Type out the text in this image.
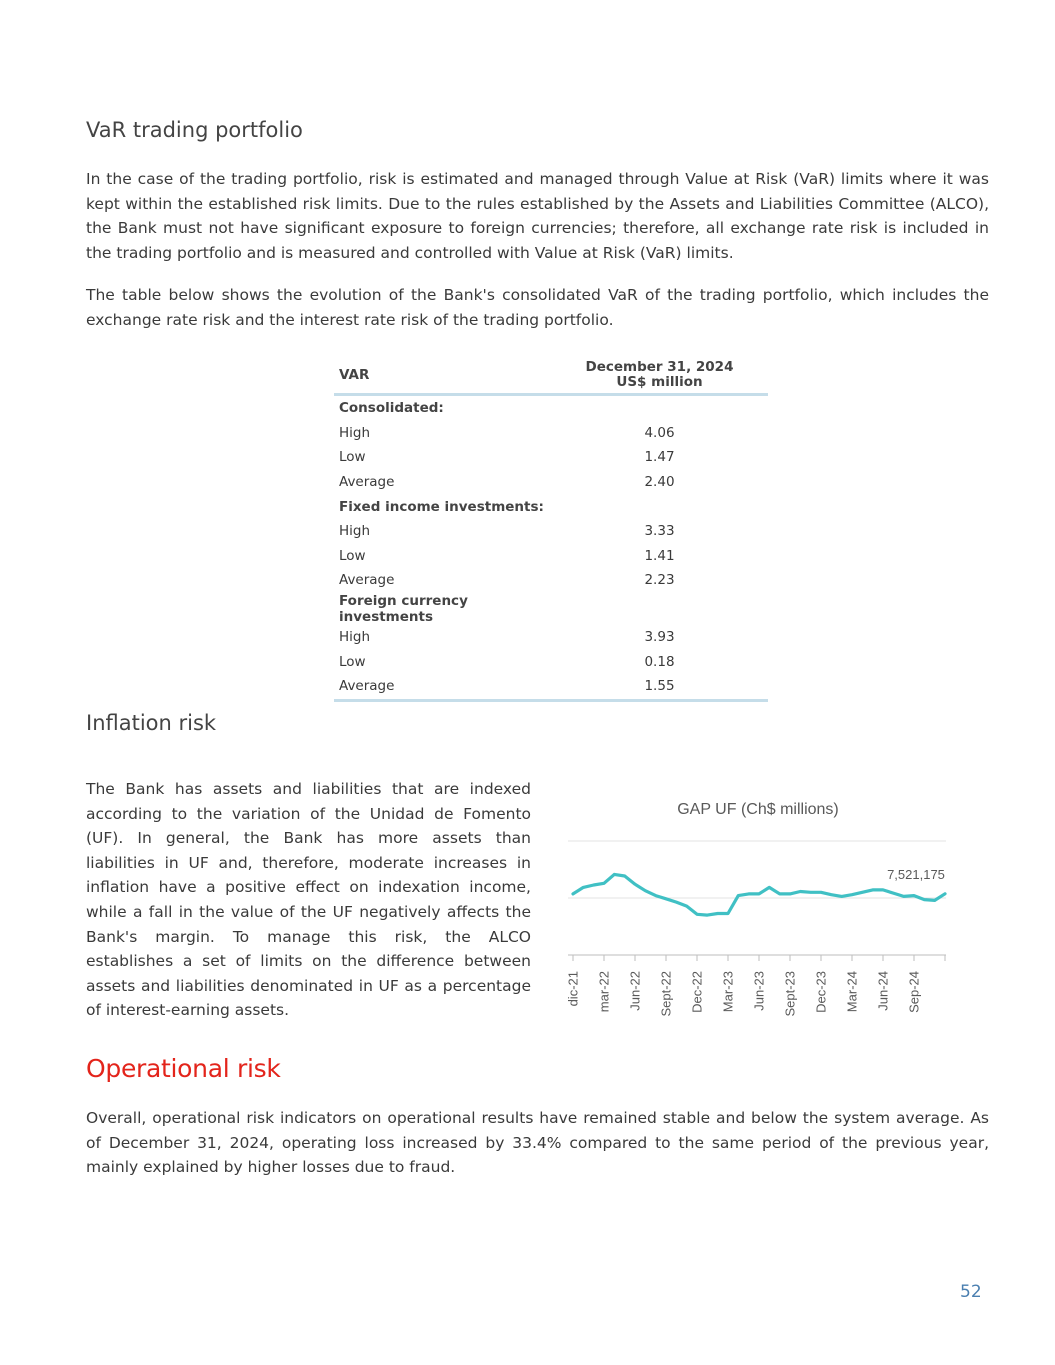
VaR trading portfolio

In the case of the trading portfolio, risk is estimated and managed through Value at Risk (VaR) limits where it was kept within the established risk limits. Due to the rules established by the Assets and Liabilities Committee (ALCO), the Bank must not have significant exposure to foreign currencies; therefore, all exchange rate risk is included in the trading portfolio and is measured and controlled with Value at Risk (VaR) limits.

The table below shows the evolution of the Bank's consolidated VaR of the trading portfolio, which includes the exchange rate risk and the interest rate risk of the trading portfolio.

VAR	December 31, 2024
US$ million
Consolidated:	
High	4.06
Low	1.47
Average	2.40
Fixed income investments:	
High	3.33
Low	1.41
Average	2.23
Foreign currency investments	
High	3.93
Low	0.18
Average	1.55
Inflation risk

The Bank has assets and liabilities that are indexed according to the variation of the Unidad de Fomento (UF). In general, the Bank has more assets than liabilities in UF and, therefore, moderate increases in inflation have a positive effect on indexation income, while a fall in the value of the UF negatively affects the Bank's margin. To manage this risk, the ALCO establishes a set of limits on the difference between assets and liabilities denominated in UF as a percentage of interest-earning assets.

GAP UF (Ch$ millions)
dic-21 mar-22 Jun-22 Sept-22 Dec-22 Mar-23 Jun-23 Sept-23 Dec-23 Mar-24 Jun-24 Sep-24
7,521,175
Operational risk

Overall, operational risk indicators on operational results have remained stable and below the system average. As of December 31, 2024, operating loss increased by 33.4% compared to the same period of the previous year, mainly explained by higher losses due to fraud.

52
